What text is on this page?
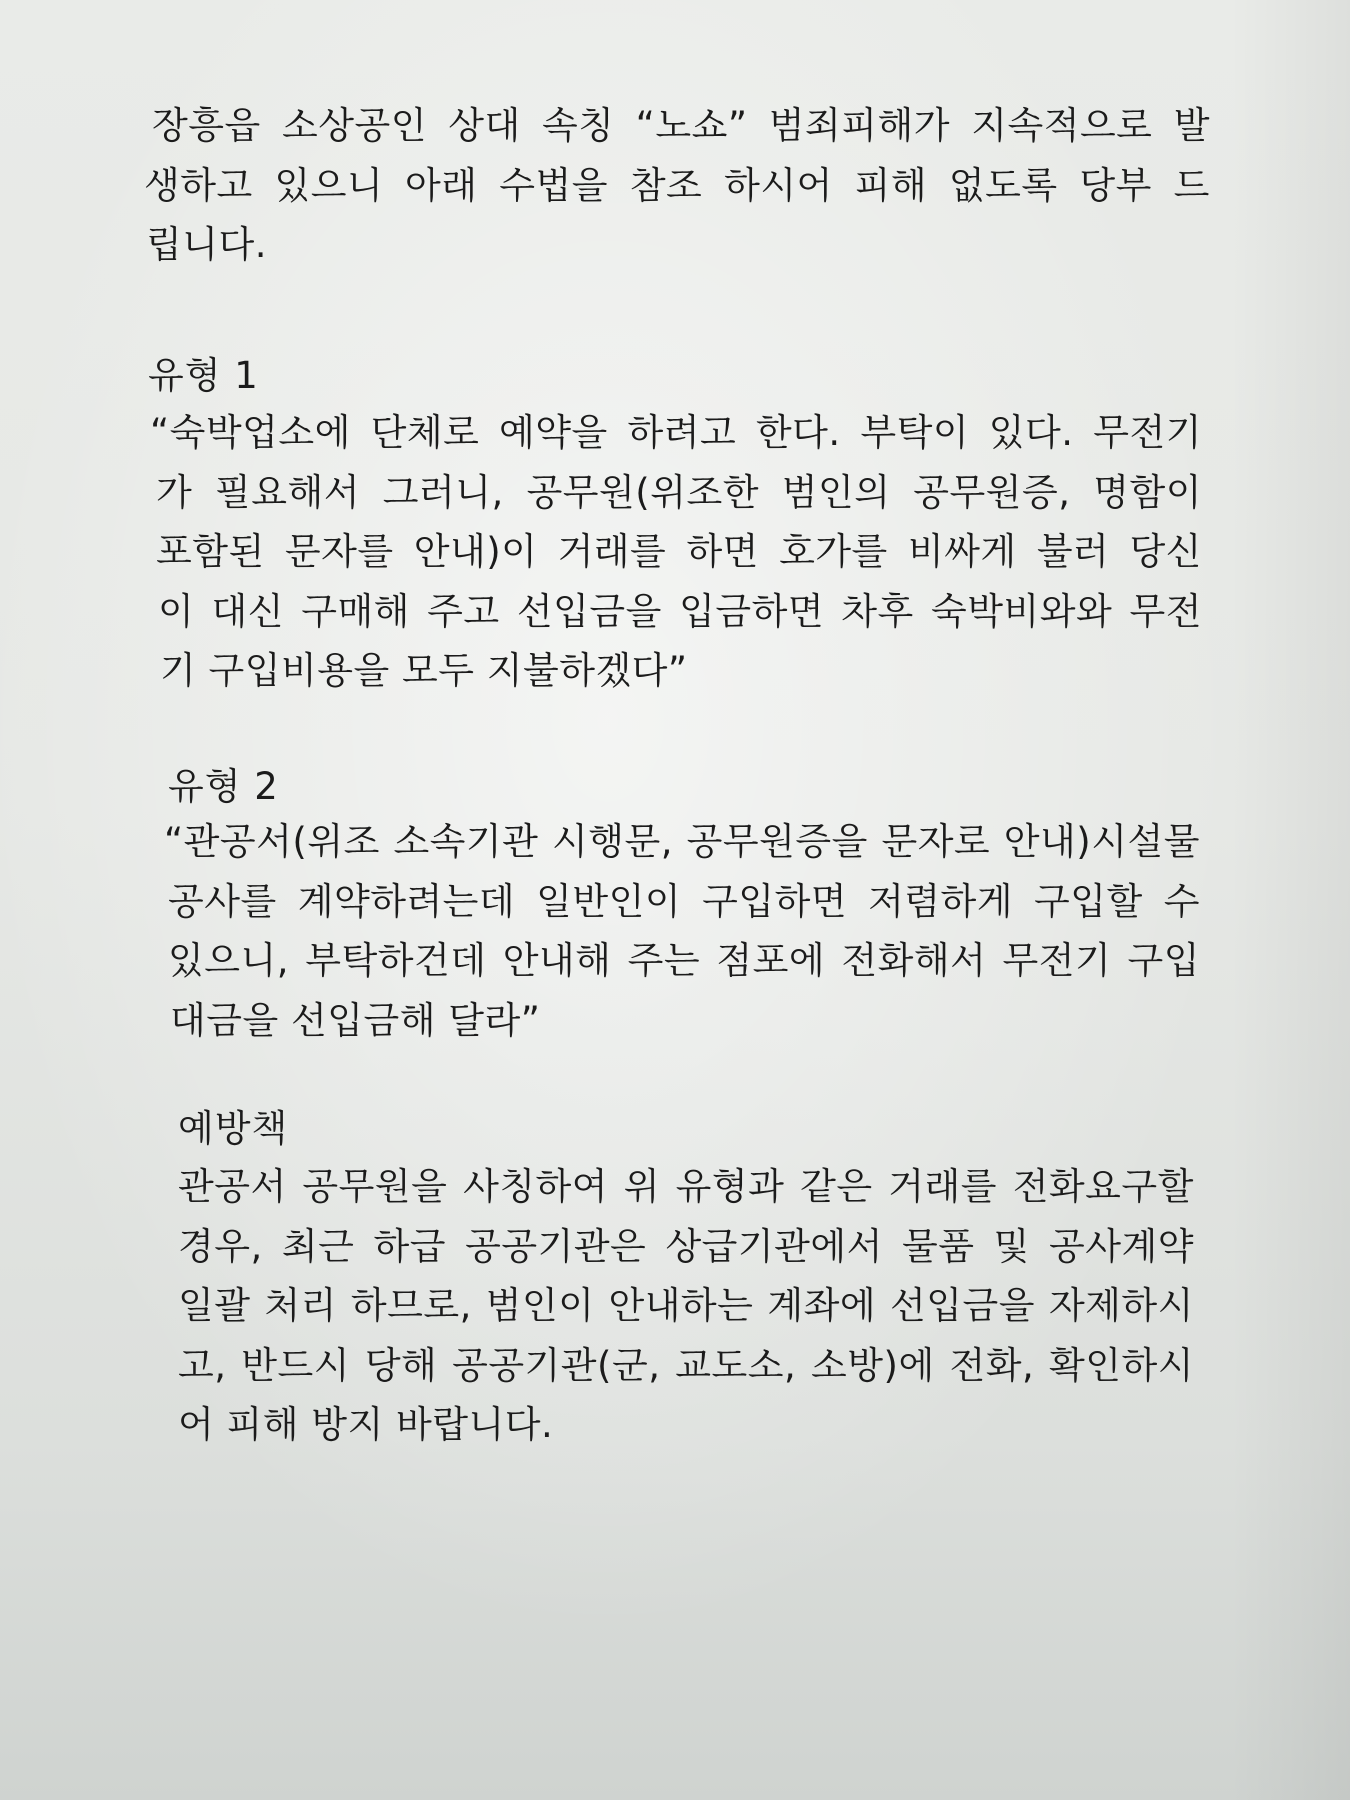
장흥읍 소상공인 상대 속칭 “노쇼” 범죄피해가 지속적으로 발
생하고 있으니 아래 수법을 참조 하시어 피해 없도록 당부 드
립니다.
유형 1
“숙박업소에 단체로 예약을 하려고 한다. 부탁이 있다. 무전기
가 필요해서 그러니, 공무원(위조한 범인의 공무원증, 명함이
포함된 문자를 안내)이 거래를 하면 호가를 비싸게 불러 당신
이 대신 구매해 주고 선입금을 입금하면 차후 숙박비와와 무전
기 구입비용을 모두 지불하겠다”
유형 2
“관공서(위조 소속기관 시행문, 공무원증을 문자로 안내)시설물
공사를 계약하려는데 일반인이 구입하면 저렴하게 구입할 수
있으니, 부탁하건데 안내해 주는 점포에 전화해서 무전기 구입
대금을 선입금해 달라”
예방책
관공서 공무원을 사칭하여 위 유형과 같은 거래를 전화요구할
경우, 최근 하급 공공기관은 상급기관에서 물품 및 공사계약
일괄 처리 하므로, 범인이 안내하는 계좌에 선입금을 자제하시
고, 반드시 당해 공공기관(군, 교도소, 소방)에 전화, 확인하시
어 피해 방지 바랍니다.
